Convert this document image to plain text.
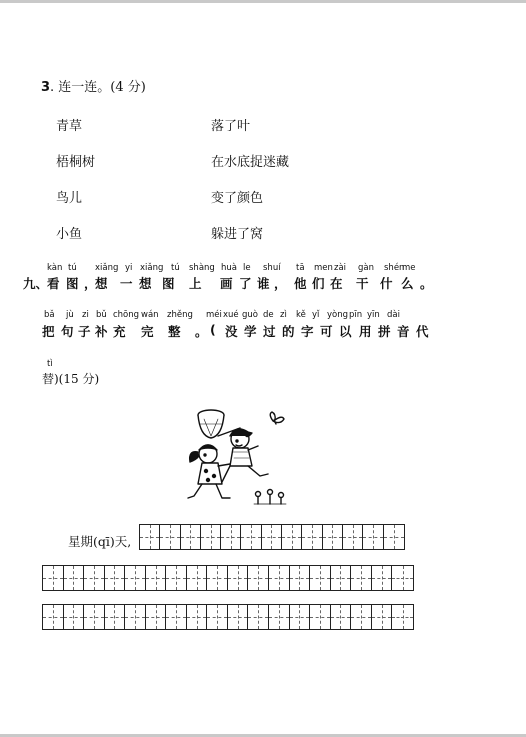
3. 连一连。(4 分)
青草	落了叶
梧桐树	在水底捉迷藏
鸟儿	变了颜色
小鱼	躲进了窝
kàn tú xiǎng yi xiǎng tú shàng huà le shuí tā men zài gàn shén
me
九、
看 图 ，
想 一 想 图 上 画 了 谁 ， 他 们 在 干 什 么 。
bǎ jù zi bǔ chōng wán zhěng méi xué guò de zì kě yǐ yòng pīn yīn dài
把 句 子 补 充 完 整 。 ( 没 学 过 的 字 可 以 用 拼 音 代
tì
替)(15 分)
星期(qī)天,
